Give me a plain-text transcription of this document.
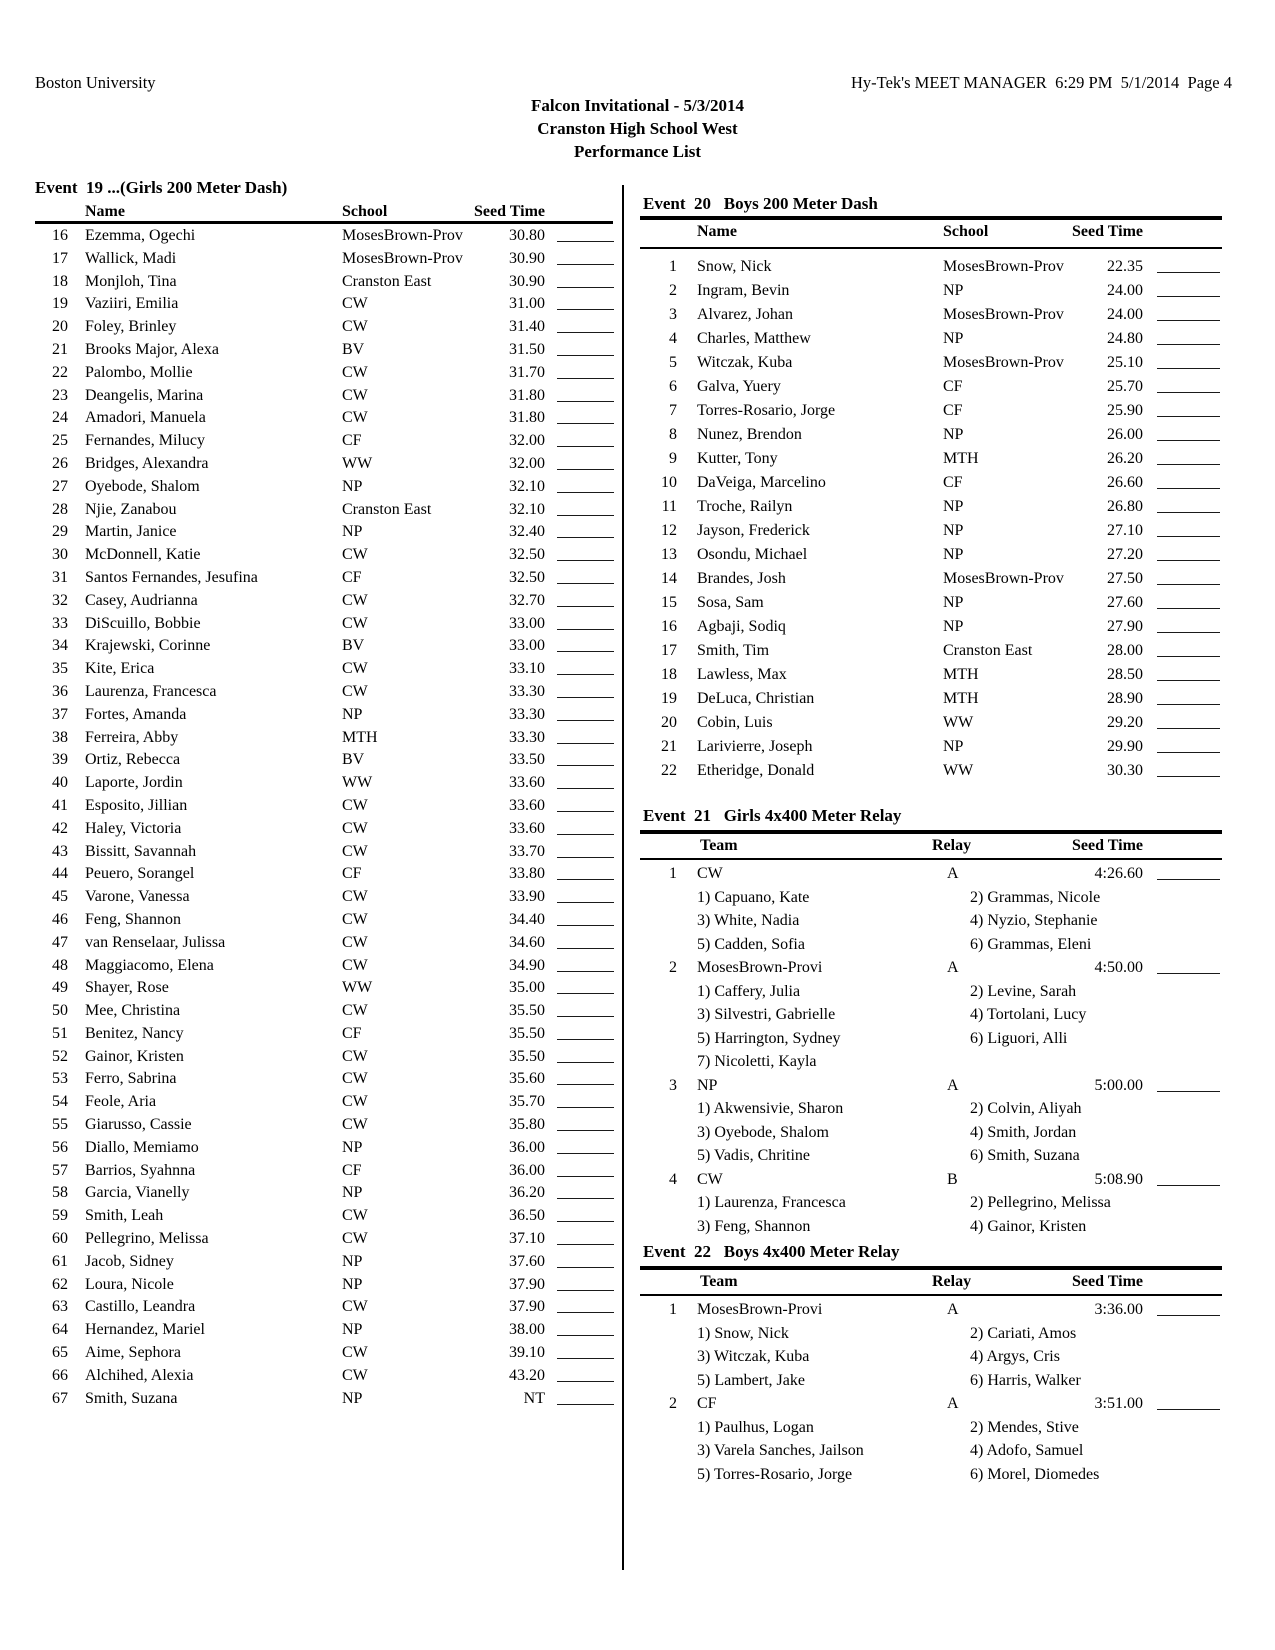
Boston University	Hy-Tek's MEET MANAGER  6:29 PM  5/1/2014  Page 4
Falcon Invitational - 5/3/2014
Cranston High School West
Performance List
Event  19 ...(Girls 200 Meter Dash)
Name	School	Seed Time
16 Ezemma, Ogechi	MosesBrown-Prov	30.80
17 Wallick, Madi	MosesBrown-Prov	30.90
18 Monjloh, Tina	Cranston East	30.90
19 Vaziiri, Emilia	CW	31.00
20 Foley, Brinley	CW	31.40
21 Brooks Major, Alexa	BV	31.50
22 Palombo, Mollie	CW	31.70
23 Deangelis, Marina	CW	31.80
24 Amadori, Manuela	CW	31.80
25 Fernandes, Milucy	CF	32.00
26 Bridges, Alexandra	WW	32.00
27 Oyebode, Shalom	NP	32.10
28 Njie, Zanabou	Cranston East	32.10
29 Martin, Janice	NP	32.40
30 McDonnell, Katie	CW	32.50
31 Santos Fernandes, Jesufina	CF	32.50
32 Casey, Audrianna	CW	32.70
33 DiScuillo, Bobbie	CW	33.00
34 Krajewski, Corinne	BV	33.00
35 Kite, Erica	CW	33.10
36 Laurenza, Francesca	CW	33.30
37 Fortes, Amanda	NP	33.30
38 Ferreira, Abby	MTH	33.30
39 Ortiz, Rebecca	BV	33.50
40 Laporte, Jordin	WW	33.60
41 Esposito, Jillian	CW	33.60
42 Haley, Victoria	CW	33.60
43 Bissitt, Savannah	CW	33.70
44 Peuero, Sorangel	CF	33.80
45 Varone, Vanessa	CW	33.90
46 Feng, Shannon	CW	34.40
47 van Renselaar, Julissa	CW	34.60
48 Maggiacomo, Elena	CW	34.90
49 Shayer, Rose	WW	35.00
50 Mee, Christina	CW	35.50
51 Benitez, Nancy	CF	35.50
52 Gainor, Kristen	CW	35.50
53 Ferro, Sabrina	CW	35.60
54 Feole, Aria	CW	35.70
55 Giarusso, Cassie	CW	35.80
56 Diallo, Memiamo	NP	36.00
57 Barrios, Syahnna	CF	36.00
58 Garcia, Vianelly	NP	36.20
59 Smith, Leah	CW	36.50
60 Pellegrino, Melissa	CW	37.10
61 Jacob, Sidney	NP	37.60
62 Loura, Nicole	NP	37.90
63 Castillo, Leandra	CW	37.90
64 Hernandez, Mariel	NP	38.00
65 Aime, Sephora	CW	39.10
66 Alchihed, Alexia	CW	43.20
67 Smith, Suzana	NP	NT
Event  20   Boys 200 Meter Dash
Name	School	Seed Time
1 Snow, Nick	MosesBrown-Prov	22.35
2 Ingram, Bevin	NP	24.00
3 Alvarez, Johan	MosesBrown-Prov	24.00
4 Charles, Matthew	NP	24.80
5 Witczak, Kuba	MosesBrown-Prov	25.10
6 Galva, Yuery	CF	25.70
7 Torres-Rosario, Jorge	CF	25.90
8 Nunez, Brendon	NP	26.00
9 Kutter, Tony	MTH	26.20
10 DaVeiga, Marcelino	CF	26.60
11 Troche, Railyn	NP	26.80
12 Jayson, Frederick	NP	27.10
13 Osondu, Michael	NP	27.20
14 Brandes, Josh	MosesBrown-Prov	27.50
15 Sosa, Sam	NP	27.60
16 Agbaji, Sodiq	NP	27.90
17 Smith, Tim	Cranston East	28.00
18 Lawless, Max	MTH	28.50
19 DeLuca, Christian	MTH	28.90
20 Cobin, Luis	WW	29.20
21 Larivierre, Joseph	NP	29.90
22 Etheridge, Donald	WW	30.30
Event  21   Girls 4x400 Meter Relay
Team	Relay	Seed Time
1 CW	A	4:26.60
1) Capuano, Kate	2) Grammas, Nicole
3) White, Nadia	4) Nyzio, Stephanie
5) Cadden, Sofia	6) Grammas, Eleni
2 MosesBrown-Provi	A	4:50.00
1) Caffery, Julia	2) Levine, Sarah
3) Silvestri, Gabrielle	4) Tortolani, Lucy
5) Harrington, Sydney	6) Liguori, Alli
7) Nicoletti, Kayla
3 NP	A	5:00.00
1) Akwensivie, Sharon	2) Colvin, Aliyah
3) Oyebode, Shalom	4) Smith, Jordan
5) Vadis, Chritine	6) Smith, Suzana
4 CW	B	5:08.90
1) Laurenza, Francesca	2) Pellegrino, Melissa
3) Feng, Shannon	4) Gainor, Kristen
Event  22   Boys 4x400 Meter Relay
Team	Relay	Seed Time
1 MosesBrown-Provi	A	3:36.00
1) Snow, Nick	2) Cariati, Amos
3) Witczak, Kuba	4) Argys, Cris
5) Lambert, Jake	6) Harris, Walker
2 CF	A	3:51.00
1) Paulhus, Logan	2) Mendes, Stive
3) Varela Sanches, Jailson	4) Adofo, Samuel
5) Torres-Rosario, Jorge	6) Morel, Diomedes
